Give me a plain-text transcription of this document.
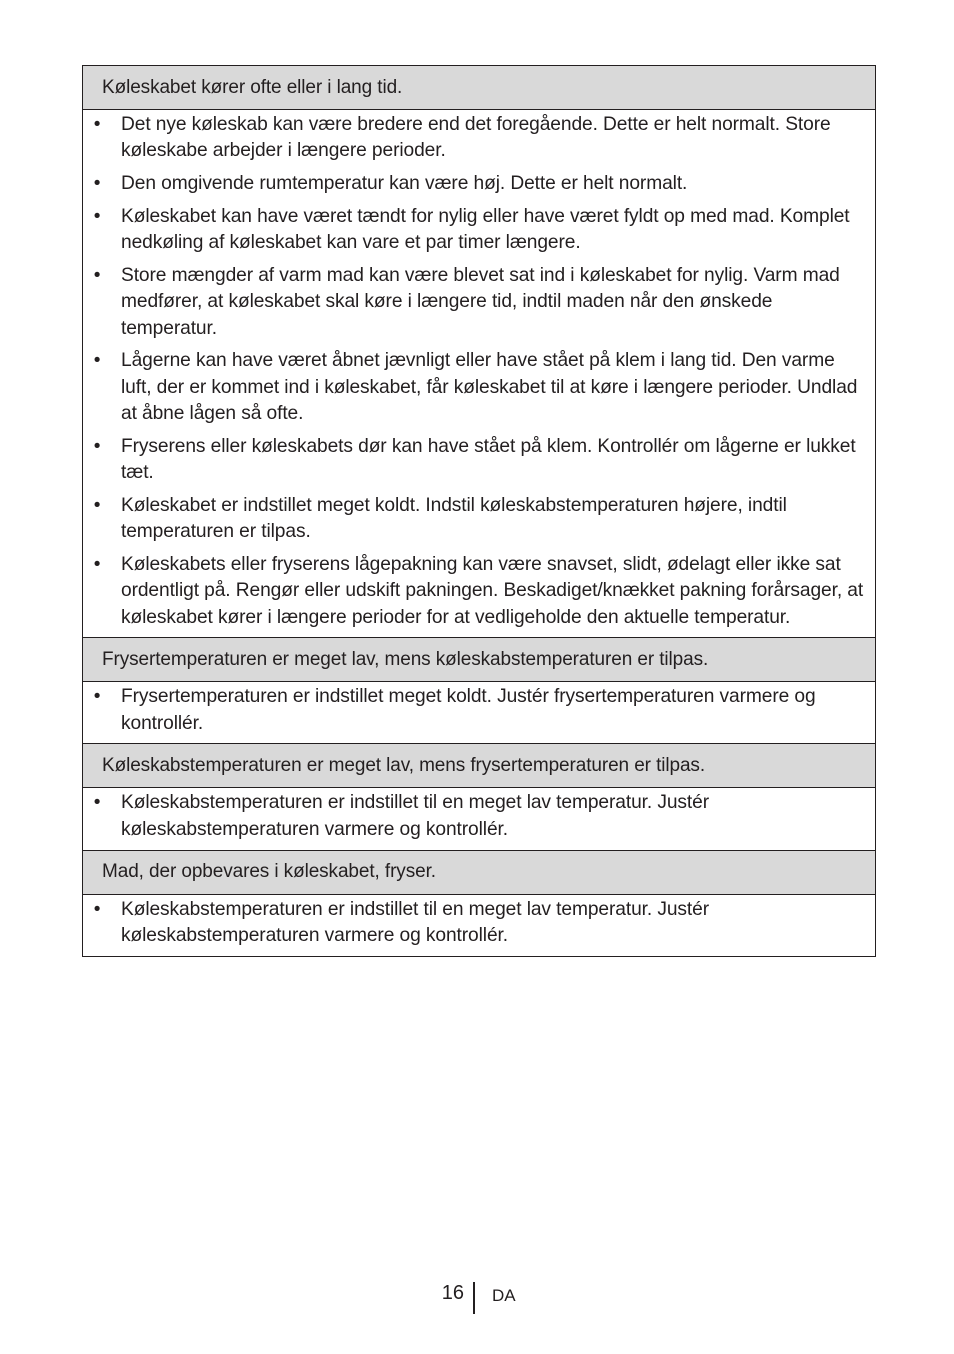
Køleskabet kører ofte eller i lang tid.
• Det nye køleskab kan være bredere end det foregående. Dette er helt normalt. Store køleskabe arbejder i længere perioder.
• Den omgivende rumtemperatur kan være høj. Dette er helt normalt.
• Køleskabet kan have været tændt for nylig eller have været fyldt op med mad. Komplet nedkøling af køleskabet kan vare et par timer længere.
• Store mængder af varm mad kan være blevet sat ind i køleskabet for nylig. Varm mad medfører, at køleskabet skal køre i længere tid, indtil maden når den ønskede temperatur.
• Lågerne kan have været åbnet jævnligt eller have stået på klem i lang tid. Den varme luft, der er kommet ind i køleskabet, får køleskabet til at køre i længere perioder. Undlad at åbne lågen så ofte.
• Fryserens eller køleskabets dør kan have stået på klem. Kontrollér om lågerne er lukket tæt.
• Køleskabet er indstillet meget koldt. Indstil køleskabstemperaturen højere, indtil temperaturen er tilpas.
• Køleskabets eller fryserens lågepakning kan være snavset, slidt, ødelagt eller ikke sat ordentligt på. Rengør eller udskift pakningen. Beskadiget/knækket pakning forårsager, at køleskabet kører i længere perioder for at vedligeholde den aktuelle temperatur.
Frysertemperaturen er meget lav, mens køleskabstemperaturen er tilpas.
• Frysertemperaturen er indstillet meget koldt. Justér frysertemperaturen varmere og kontrollér.
Køleskabstemperaturen er meget lav, mens frysertemperaturen er tilpas.
• Køleskabstemperaturen er indstillet til en meget lav temperatur. Justér køleskabstemperaturen varmere og kontrollér.
Mad, der opbevares i køleskabet, fryser.
• Køleskabstemperaturen er indstillet til en meget lav temperatur. Justér køleskabstemperaturen varmere og kontrollér.
16 DA
